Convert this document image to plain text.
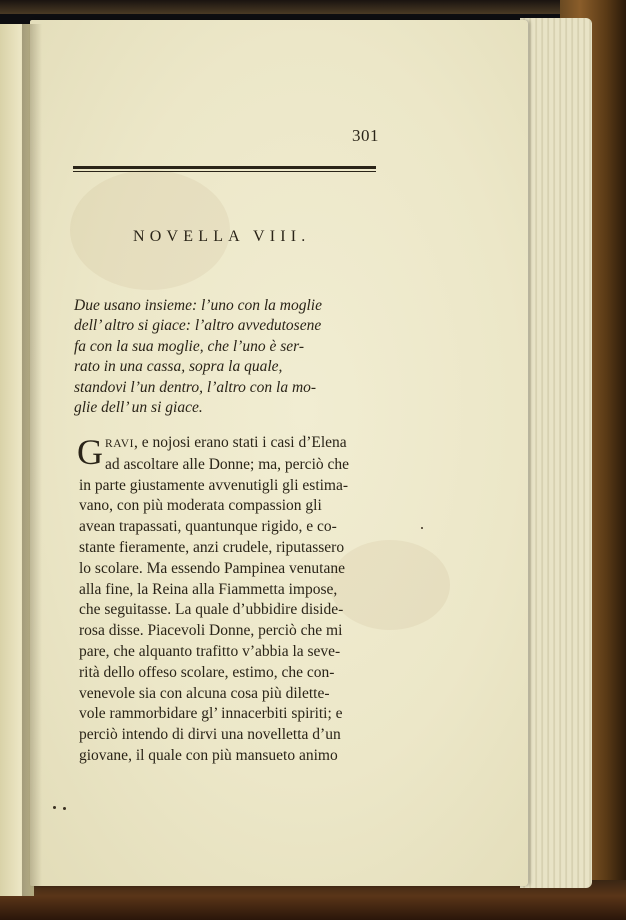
301
NOVELLA VIII.
Due usano insieme: l’uno con la moglie
dell’ altro si giace: l’altro avvedutosene
fa con la sua moglie, che l’uno è ser-
rato in una cassa, sopra la quale,
standovi l’un dentro, l’altro con la mo-
glie dell’ un si giace.
G RAVI, e nojosi erano stati i casi d’Elena
ad ascoltare alle Donne; ma, perciò che
in parte giustamente avvenutigli gli estima-
vano, con più moderata compassion gli
avean trapassati, quantunque rigido, e co-
stante fieramente, anzi crudele, riputassero
lo scolare. Ma essendo Pampinea venutane
alla fine, la Reina alla Fiammetta impose,
che seguitasse. La quale d’ubbidire diside-
rosa disse. Piacevoli Donne, perciò che mi
pare, che alquanto trafitto v’abbia la seve-
rità dello offeso scolare, estimo, che con-
venevole sia con alcuna cosa più dilette-
vole rammorbidare gl’ innacerbiti spiriti; e
perciò intendo di dirvi una novelletta d’un
giovane, il quale con più mansueto animo
